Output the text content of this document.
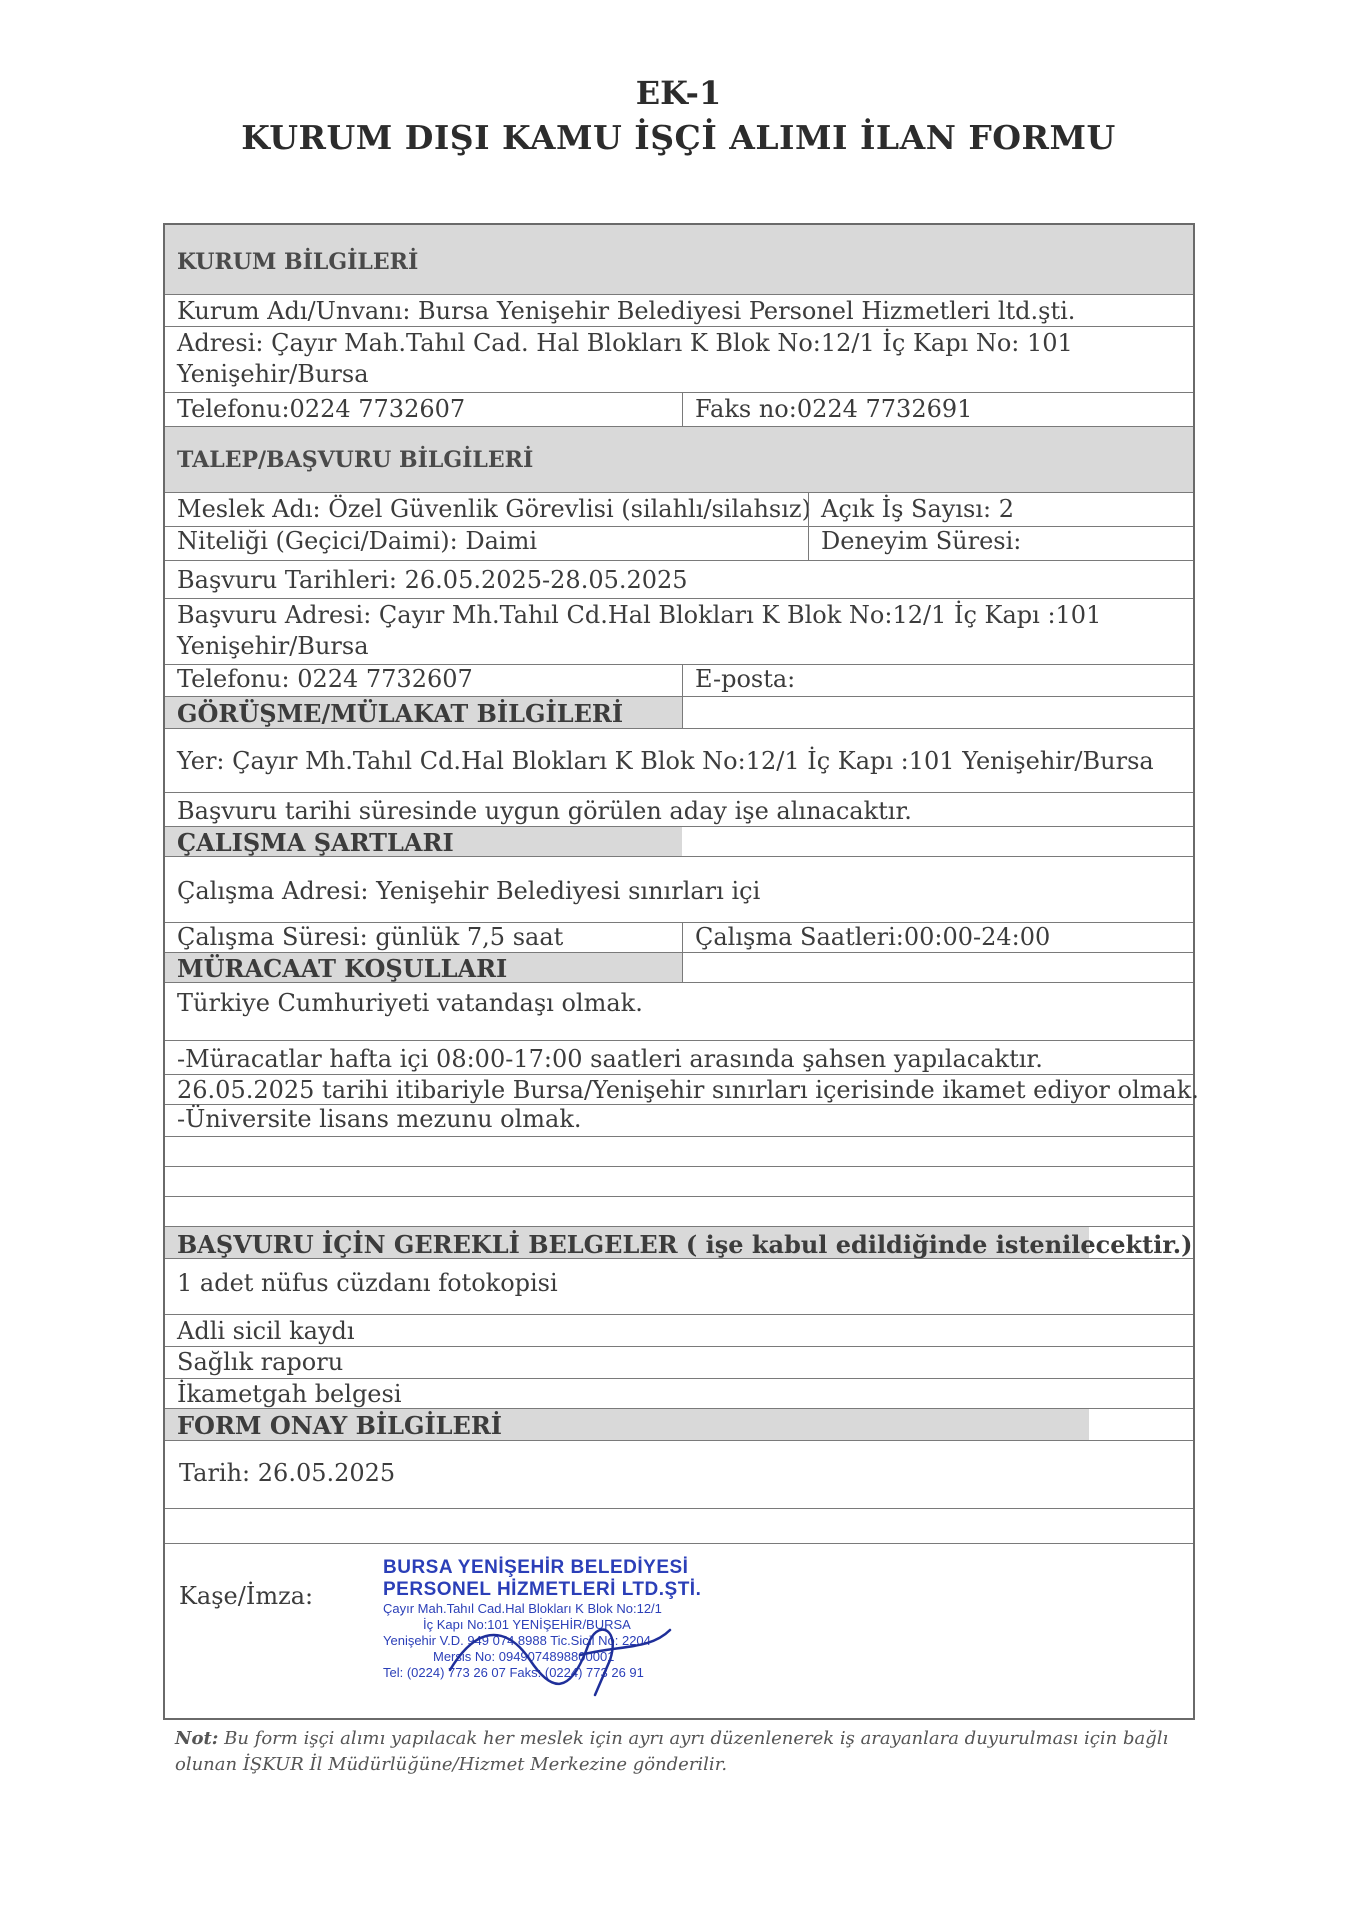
EK-1
KURUM DIŞI KAMU İŞÇİ ALIMI İLAN FORMU
KURUM BİLGİLERİ
Kurum Adı/Unvanı: Bursa Yenişehir Belediyesi Personel Hizmetleri ltd.şti.
Adresi: Çayır Mah.Tahıl Cad. Hal Blokları K Blok No:12/1 İç Kapı No: 101
Yenişehir/Bursa
Telefonu:0224 7732607	Faks no:0224 7732691
TALEP/BAŞVURU BİLGİLERİ
Meslek Adı: Özel Güvenlik Görevlisi (silahlı/silahsız) Açık İş Sayısı: 2
Niteliği (Geçici/Daimi): Daimi	Deneyim Süresi:
Başvuru Tarihleri: 26.05.2025-28.05.2025
Başvuru Adresi: Çayır Mh.Tahıl Cd.Hal Blokları K Blok No:12/1 İç Kapı :101
Yenişehir/Bursa
Telefonu: 0224 7732607	E-posta:
GÖRÜŞME/MÜLAKAT BİLGİLERİ
Yer: Çayır Mh.Tahıl Cd.Hal Blokları K Blok No:12/1 İç Kapı :101 Yenişehir/Bursa
Başvuru tarihi süresinde uygun görülen aday işe alınacaktır.
ÇALIŞMA ŞARTLARI
Çalışma Adresi: Yenişehir Belediyesi sınırları içi
Çalışma Süresi: günlük 7,5 saat	Çalışma Saatleri:00:00-24:00
MÜRACAAT KOŞULLARI
Türkiye Cumhuriyeti vatandaşı olmak.
-Müracatlar hafta içi 08:00-17:00 saatleri arasında şahsen yapılacaktır.
26.05.2025 tarihi itibariyle Bursa/Yenişehir sınırları içerisinde ikamet ediyor olmak.
-Üniversite lisans mezunu olmak.
BAŞVURU İÇİN GEREKLİ BELGELER ( işe kabul edildiğinde istenilecektir.)
1 adet nüfus cüzdanı fotokopisi
Adli sicil kaydı
Sağlık raporu
İkametgah belgesi
FORM ONAY BİLGİLERİ
Tarih: 26.05.2025
Kaşe/İmza:
BURSA YENİŞEHİR BELEDİYESİ
PERSONEL HİZMETLERİ LTD.ŞTİ.
Çayır Mah.Tahıl Cad.Hal Blokları K Blok No:12/1
İç Kapı No:101 YENİŞEHİR/BURSA
Yenişehir V.D. 949 074 8988 Tic.Sicil No: 2204
Mersis No: 0949074898800001
Tel: (0224) 773 26 07 Faks: (0224) 773 26 91
Not: Bu form işçi alımı yapılacak her meslek için ayrı ayrı düzenlenerek iş arayanlara duyurulması için bağlı olunan İŞKUR İl Müdürlüğüne/Hizmet Merkezine gönderilir.
